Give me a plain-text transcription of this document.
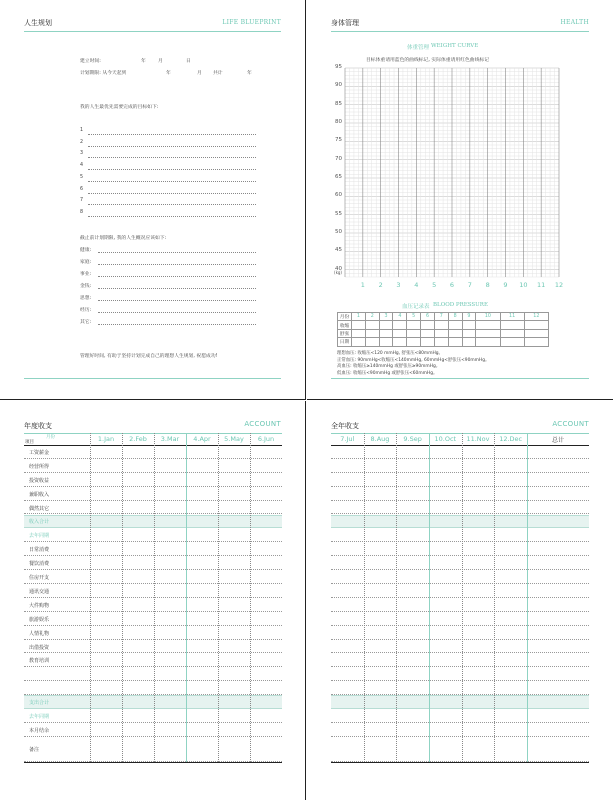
人生规划	LIFE BLUEPRINT
建立时间:	年	月	日
计划期限: 从今天起到	年	月 共计	年
我的人生最优先需要完成的目标如下:
1
2
3
4
5
6
7
8
截止前计划期限, 我的人生概况应该如下:
健康:
家庭:
事业:
金钱:
思想:
经历:
其它:
管理好时间, 有助于坚持计划完成自己的理想人生规划, 祝愿成功!
身体管理	HEALTH
体重管理 WEIGHT CURVE
目标体重请用蓝色的曲线标记, 实际体重请用红色曲线标记
40
45
50
55
60
65
70
75
80
85
90
95
(kg)
1	2	3	4	5	6	7	8	9	10 11 12
血压记录表 BLOOD PRESSURE
月份	1	2	3	4	5	6	7	8	9	10	11	12
收缩												
舒张												
日期												
理想血压: 收缩压<120 mmHg, 舒张压<80mmHg。
正常血压: 90mmHg<收缩压<140mmHg, 60mmHg<舒张压<90mmHg。
高血压: 收缩压≥140mmHg 或舒张压≥90mmHg。
低血压: 收缩压<90mmHg 或舒张压<60mmHg。
年度收支	ACCOUNT
1.Jan	2.Feb	3.Mar	4.Apr	5.May	6.Jun
月份
项目
工资薪金
经营所得
投资收益
兼职收入
偶然其它
收入合计
去年同期
日常消费
餐饮消费
住房开支
通讯交通
大件购物
旅游娱乐
人情礼物
出借投资
教育培训
支出合计
去年同期
本月结余
备注
全年收支	ACCOUNT
7.Jul	8.Aug	9.Sep	10.Oct	11.Nov	12.Dec	总计
